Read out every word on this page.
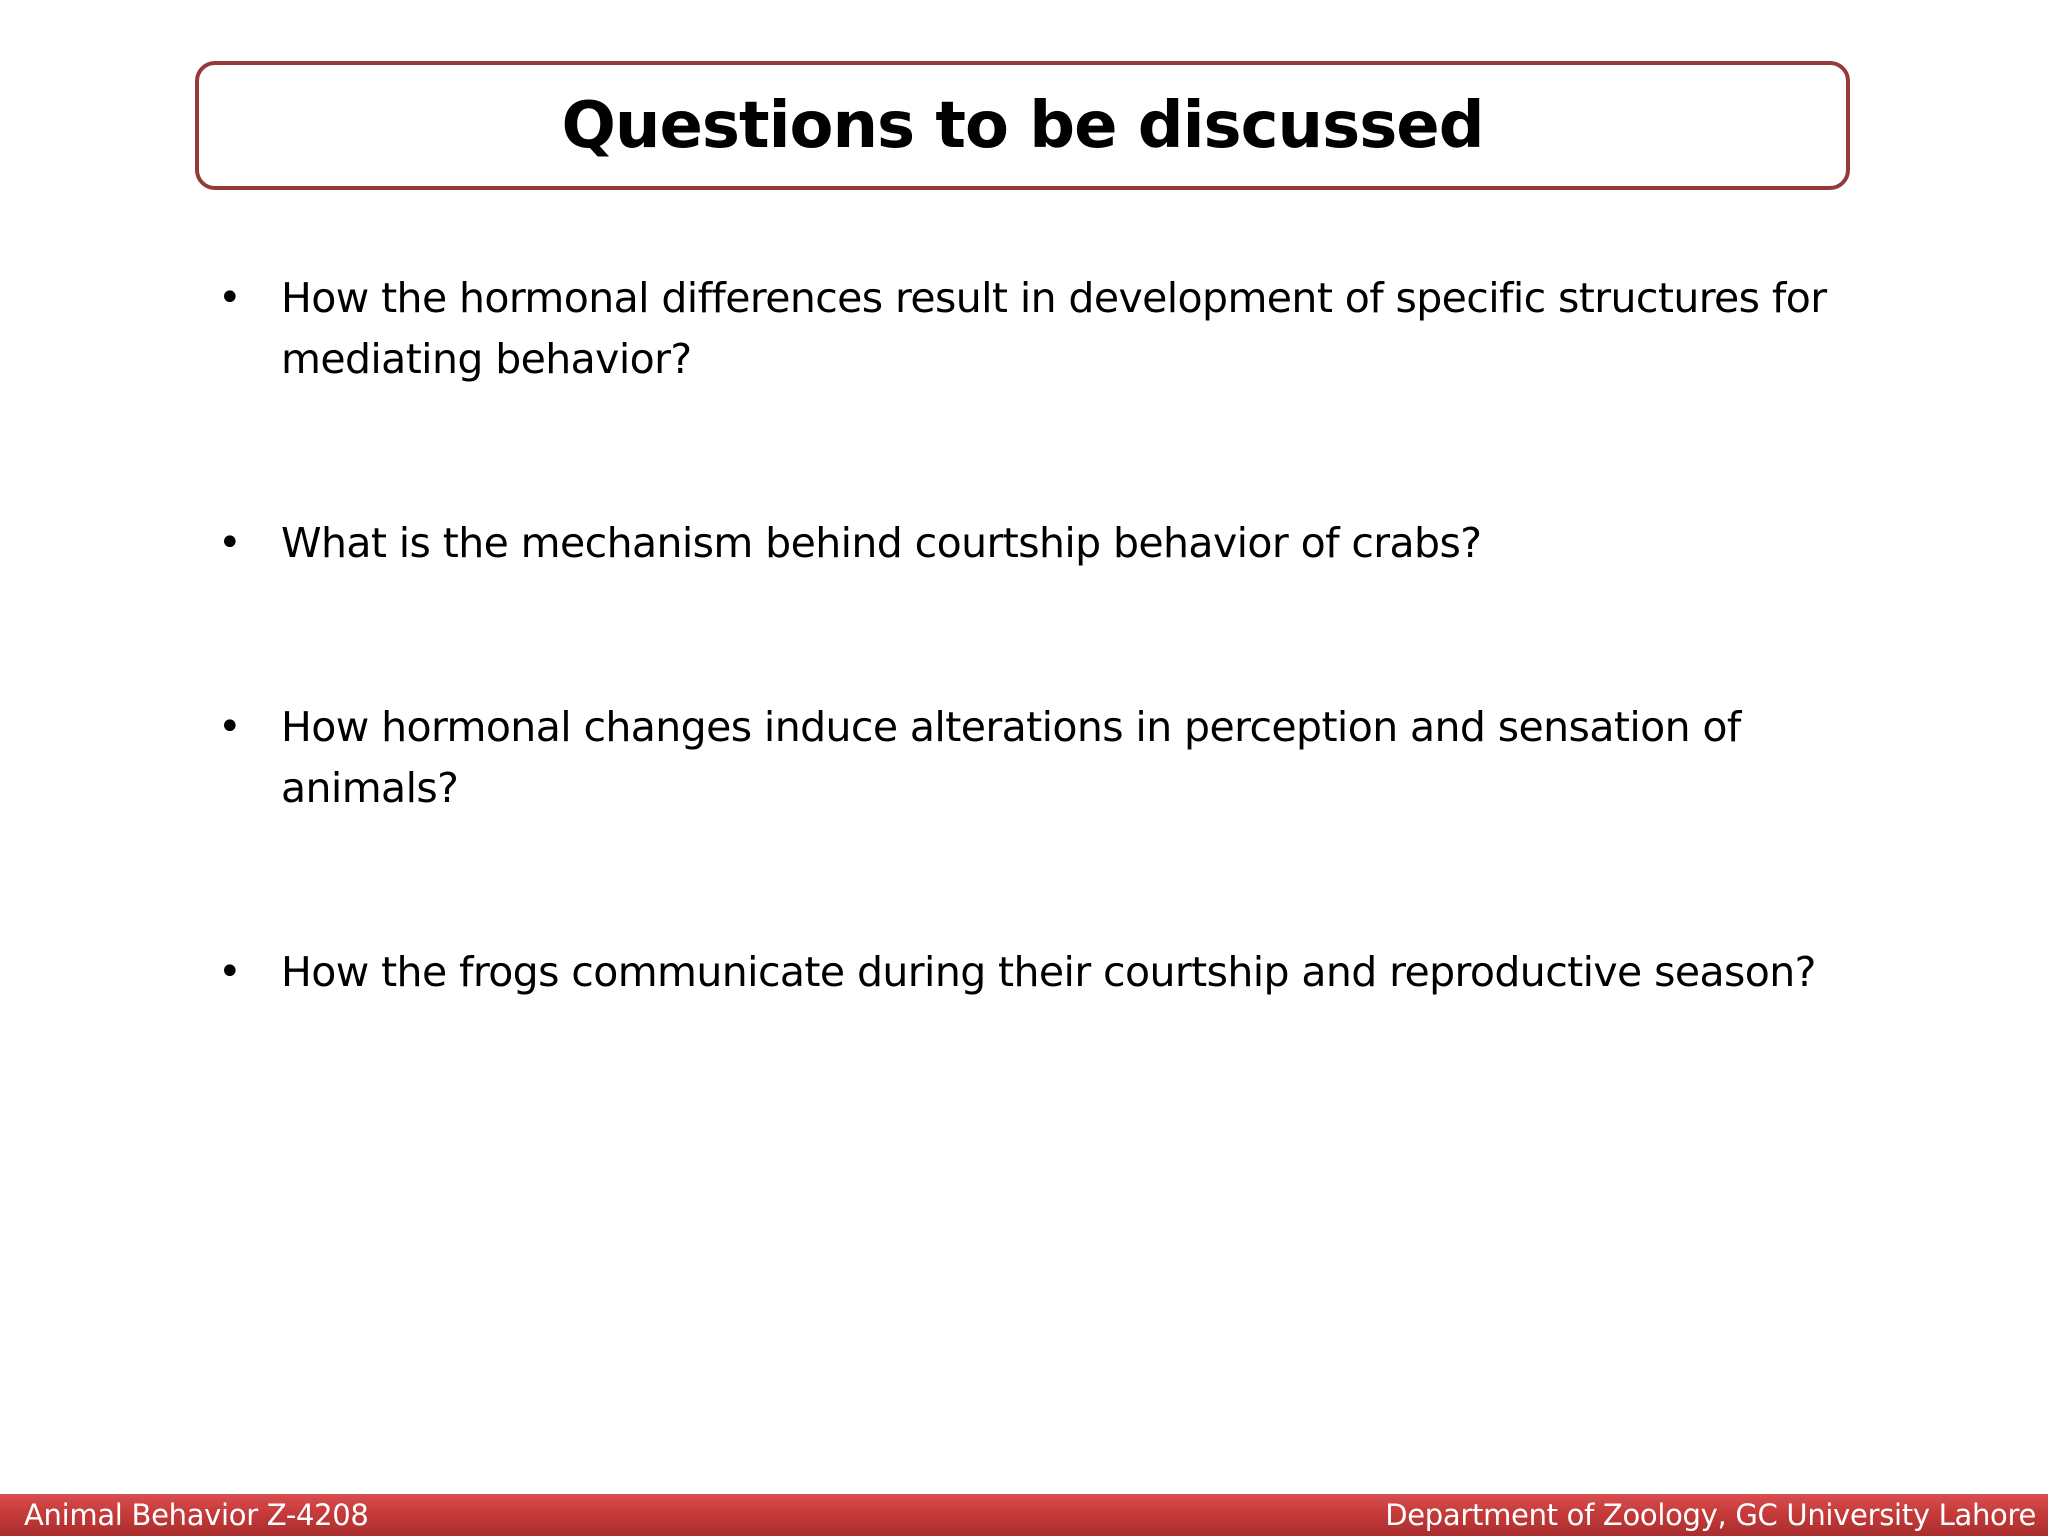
Questions to be discussed
• How the hormonal differences result in development of specific structures for mediating behavior?
• What is the mechanism behind courtship behavior of crabs?
• How hormonal changes induce alterations in perception and sensation of animals?
• How the frogs communicate during their courtship and reproductive season?
Animal Behavior Z-4208	Department of Zoology, GC University Lahore
